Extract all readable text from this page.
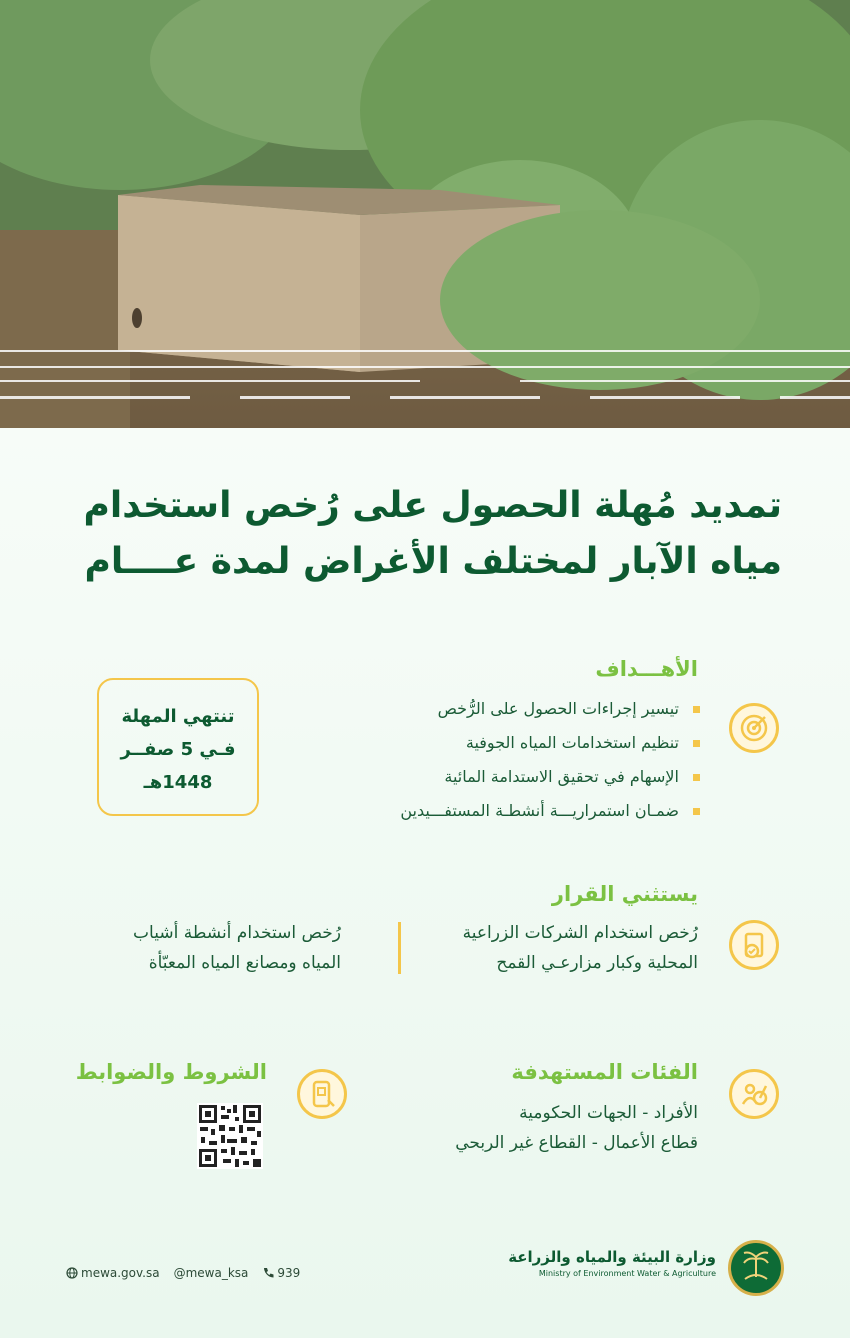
تمديد مُهلة الحصول على رُخص استخدام
مياه الآبار لمختلف الأغراض لمدة عــــام
الأهـــداف
تيسير إجراءات الحصول على الرُّخص
تنظيم استخدامات المياه الجوفية
الإسهام في تحقيق الاستدامة المائية
ضمـان استمراريـــة أنشطـة المستفـــيدين
تنتهي المهلة
فـي 5 صفــر
1448هـ
يستثني القرار
رُخص استخدام الشركات الزراعية
المحلية وكبار مزارعـي القمح
رُخص استخدام أنشطة أشياب
المياه ومصانع المياه المعبّأة
الفئات المستهدفة
الأفراد - الجهات الحكومية
قطاع الأعمال - القطاع غير الربحي
الشروط والضوابط
mewa.gov.sa @mewa_ksa 939
وزارة البيئة والمياه والزراعة
Ministry of Environment Water & Agriculture
